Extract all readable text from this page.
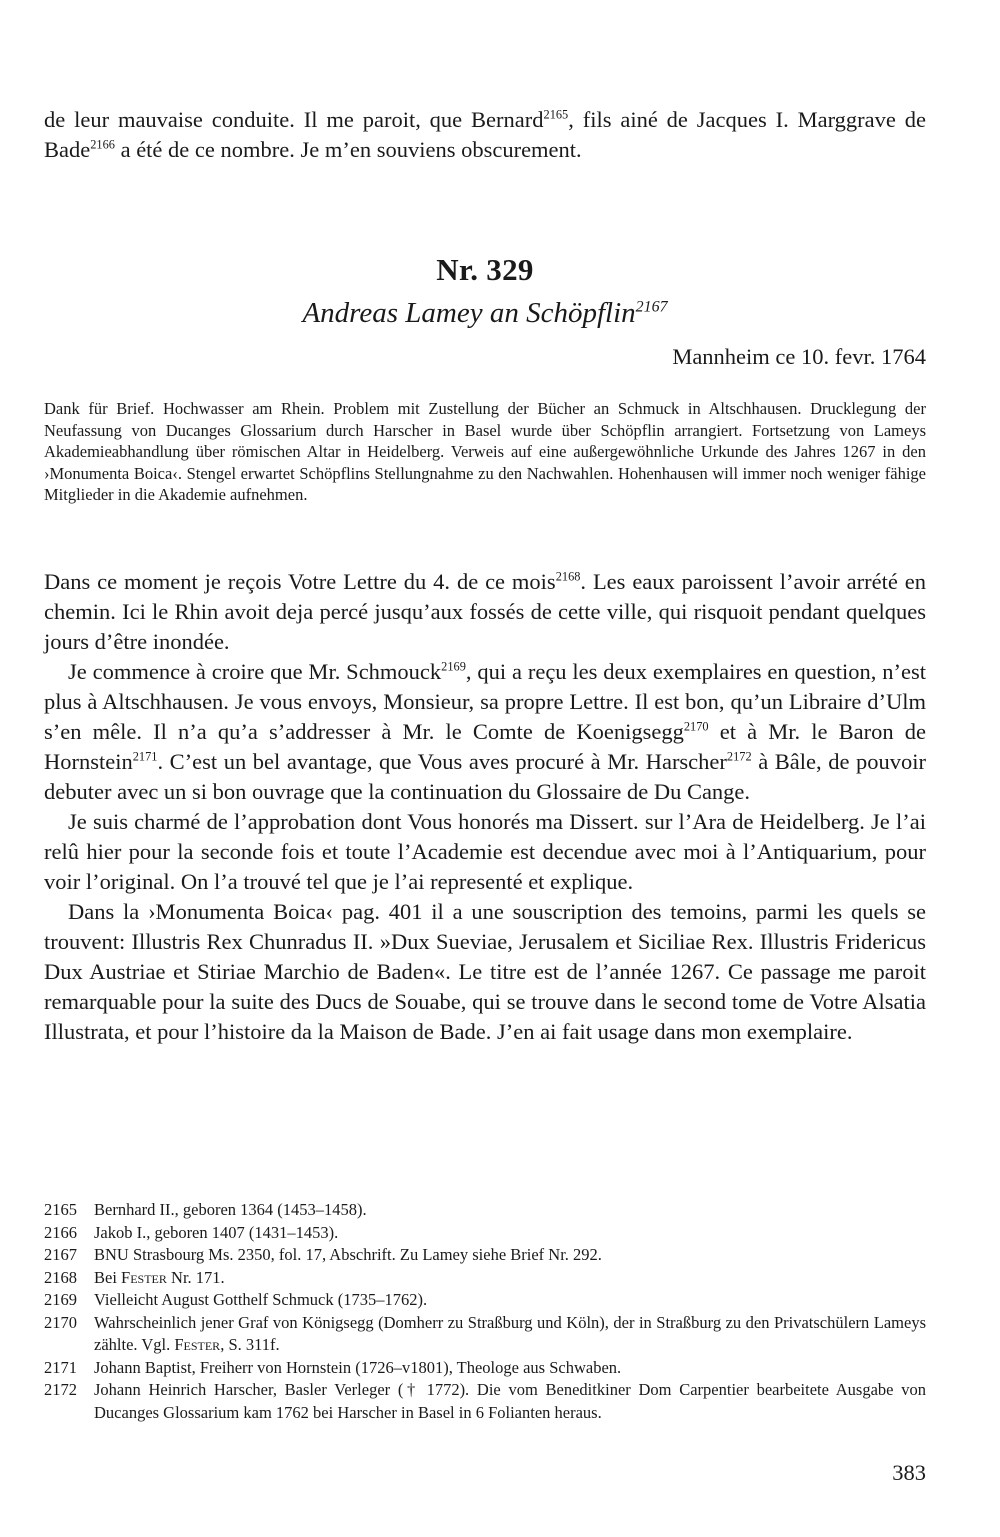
de leur mauvaise conduite. Il me paroit, que Bernard$^{2165}$, fils ainé de Jacques I. Marggrave de Bade$^{2166}$ a été de ce nombre. Je m’en souviens obscurement.

Nr. 329
Andreas Lamey an Schöpflin$^{2167}$
Mannheim ce 10. fevr. 1764

Dank für Brief. Hochwasser am Rhein. Problem mit Zustellung der Bücher an Schmuck in Altschhausen. Drucklegung der Neufassung von Ducanges Glossarium durch Harscher in Basel wurde über Schöpflin arrangiert. Fortsetzung von Lameys Akademieabhandlung über römischen Altar in Heidelberg. Verweis auf eine außergewöhnliche Urkunde des Jahres 1267 in den ›Monumenta Boica‹. Stengel erwartet Schöpflins Stellungnahme zu den Nachwahlen. Hohenhausen will immer noch weniger fähige Mitglieder in die Akademie aufnehmen.

Dans ce moment je reçois Votre Lettre du 4. de ce mois$^{2168}$. Les eaux paroissent l’avoir arrété en chemin. Ici le Rhin avoit deja percé jusqu’aux fossés de cette ville, qui risquoit pendant quelques jours d’être inondée.

Je commence à croire que Mr. Schmouck$^{2169}$, qui a reçu les deux exemplaires en question, n’est plus à Altschhausen. Je vous envoys, Monsieur, sa propre Lettre. Il est bon, qu’un Libraire d’Ulm s’en mêle. Il n’a qu’a s’addresser à Mr. le Comte de Koenigsegg$^{2170}$ et à Mr. le Baron de Hornstein$^{2171}$. C’est un bel avantage, que Vous aves procuré à Mr. Harscher$^{2172}$ à Bâle, de pouvoir debuter avec un si bon ouvrage que la continuation du Glossaire de Du Cange.

Je suis charmé de l’approbation dont Vous honorés ma Dissert. sur l’Ara de Heidelberg. Je l’ai relû hier pour la seconde fois et toute l’Academie est decendue avec moi à l’Antiquarium, pour voir l’original. On l’a trouvé tel que je l’ai representé et explique.

Dans la ›Monumenta Boica‹ pag. 401 il a une souscription des temoins, parmi les quels se trouvent: Illustris Rex Chunradus II. »Dux Sueviae, Jerusalem et Siciliae Rex. Illustris Fridericus Dux Austriae et Stiriae Marchio de Baden«. Le titre est de l’année 1267. Ce passage me paroit remarquable pour la suite des Ducs de Souabe, qui se trouve dans le second tome de Votre Alsatia Illustrata, et pour l’histoire da la Maison de Bade. J’en ai fait usage dans mon exemplaire.

2165	Bernhard II., geboren 1364 (1453–1458).
2166	Jakob I., geboren 1407 (1431–1453).
2167	BNU Strasbourg Ms. 2350, fol. 17, Abschrift. Zu Lamey siehe Brief Nr. 292.
2168	Bei Fester Nr. 171.
2169	Vielleicht August Gotthelf Schmuck (1735–1762).
2170	Wahrscheinlich jener Graf von Königsegg (Domherr zu Straßburg und Köln), der in Straßburg zu den Privatschülern Lameys zählte. Vgl. Fester, S. 311f.
2171	Johann Baptist, Freiherr von Hornstein (1726–v1801), Theologe aus Schwaben.
2172	Johann Heinrich Harscher, Basler Verleger († 1772). Die vom Beneditkiner Dom Carpentier bearbeitete Ausgabe von Ducanges Glossarium kam 1762 bei Harscher in Basel in 6 Folianten heraus.
383
